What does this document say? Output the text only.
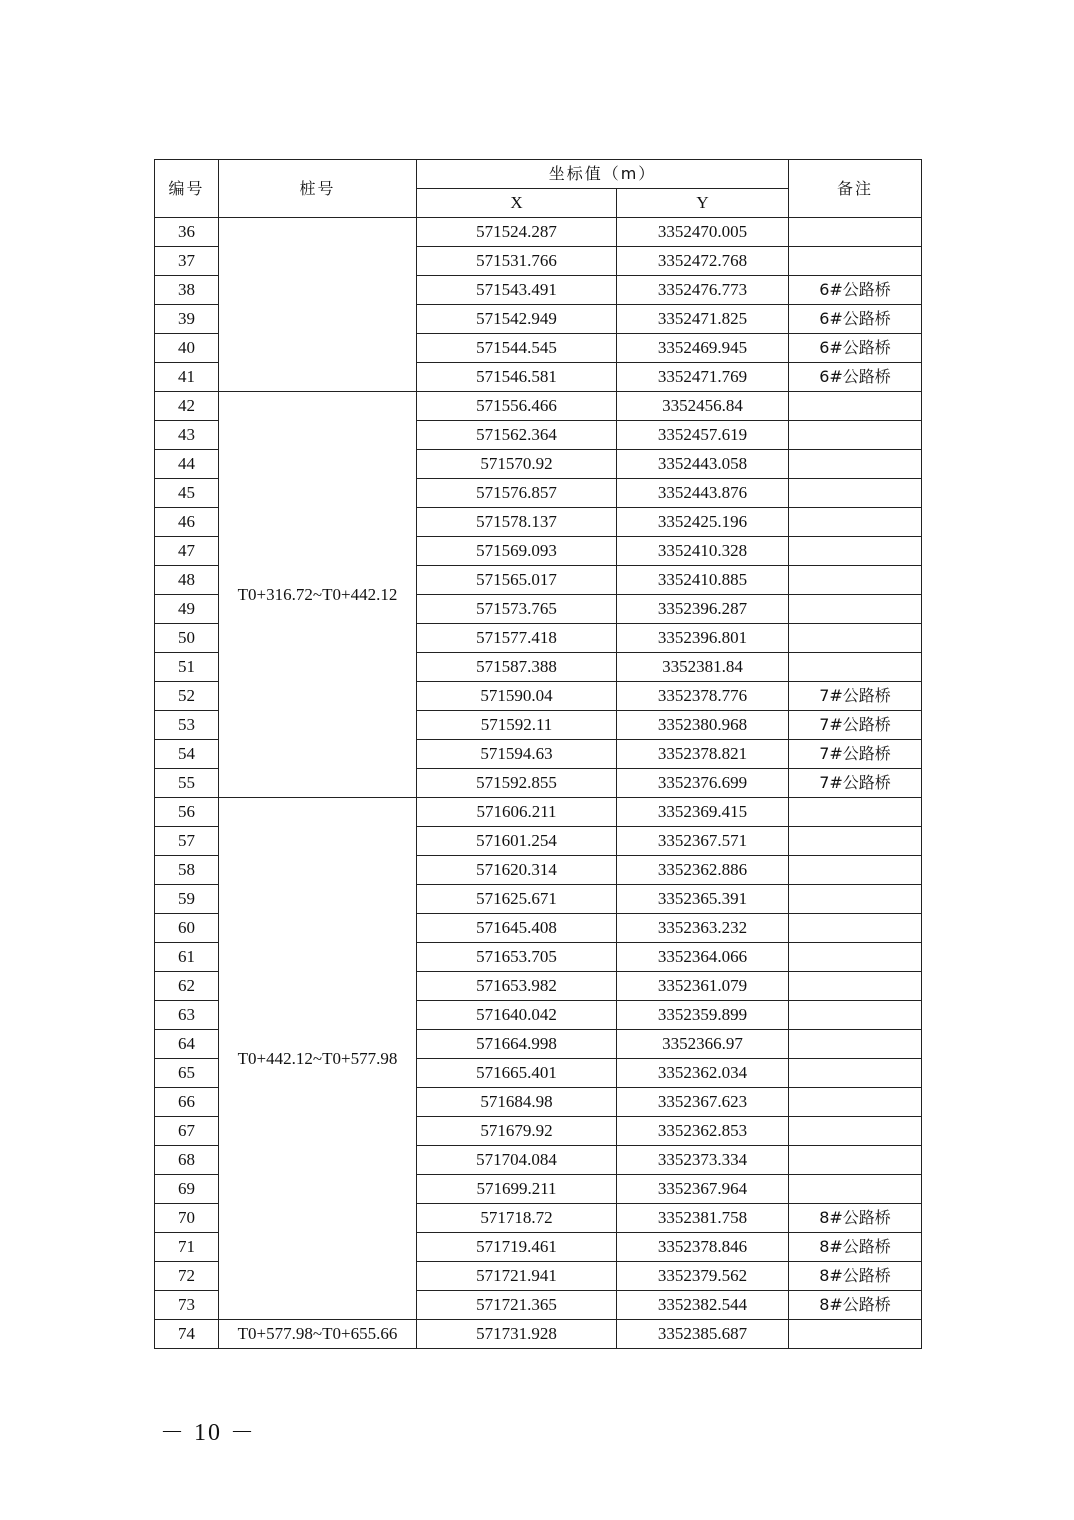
编号	桩号	坐标值（m）		备注
		X	Y	
36		571524.287	3352470.005	
37		571531.766	3352472.768	
38		571543.491	3352476.773	6#公路桥
39		571542.949	3352471.825	6#公路桥
40		571544.545	3352469.945	6#公路桥
41		571546.581	3352471.769	6#公路桥
42	T0+316.72~T0+442.12	571556.466	3352456.84	
43		571562.364	3352457.619	
44		571570.92	3352443.058	
45		571576.857	3352443.876	
46		571578.137	3352425.196	
47		571569.093	3352410.328	
48		571565.017	3352410.885	
49		571573.765	3352396.287	
50		571577.418	3352396.801	
51		571587.388	3352381.84	
52		571590.04	3352378.776	7#公路桥
53		571592.11	3352380.968	7#公路桥
54		571594.63	3352378.821	7#公路桥
55		571592.855	3352376.699	7#公路桥
56	T0+442.12~T0+577.98	571606.211	3352369.415	
57		571601.254	3352367.571	
58		571620.314	3352362.886	
59		571625.671	3352365.391	
60		571645.408	3352363.232	
61		571653.705	3352364.066	
62		571653.982	3352361.079	
63		571640.042	3352359.899	
64		571664.998	3352366.97	
65		571665.401	3352362.034	
66		571684.98	3352367.623	
67		571679.92	3352362.853	
68		571704.084	3352373.334	
69		571699.211	3352367.964	
70		571718.72	3352381.758	8#公路桥
71		571719.461	3352378.846	8#公路桥
72		571721.941	3352379.562	8#公路桥
73		571721.365	3352382.544	8#公路桥
74	T0+577.98~T0+655.66	571731.928	3352385.687	
－ 10 －
